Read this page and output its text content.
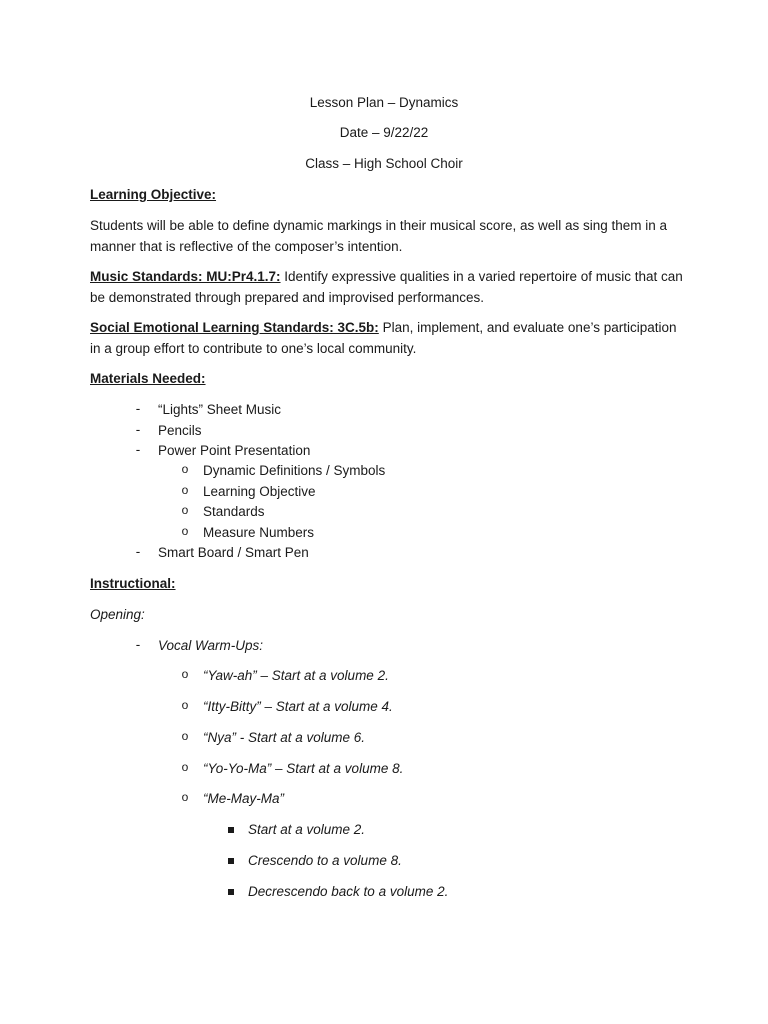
Lesson Plan – Dynamics
Date – 9/22/22
Class – High School Choir
Learning Objective:
Students will be able to define dynamic markings in their musical score, as well as sing them in a manner that is reflective of the composer’s intention.
Music Standards: MU:Pr4.1.7: Identify expressive qualities in a varied repertoire of music that can be demonstrated through prepared and improvised performances.
Social Emotional Learning Standards: 3C.5b: Plan, implement, and evaluate one’s participation in a group effort to contribute to one’s local community.
Materials Needed:
- “Lights” Sheet Music
- Pencils
- Power Point Presentation
o Dynamic Definitions / Symbols
o Learning Objective
o Standards
o Measure Numbers
- Smart Board / Smart Pen
Instructional:
Opening:
- Vocal Warm-Ups:
o “Yaw-ah” – Start at a volume 2.
o “Itty-Bitty” – Start at a volume 4.
o “Nya” - Start at a volume 6.
o “Yo-Yo-Ma” – Start at a volume 8.
o “Me-May-Ma”
Start at a volume 2.
Crescendo to a volume 8.
Decrescendo back to a volume 2.
